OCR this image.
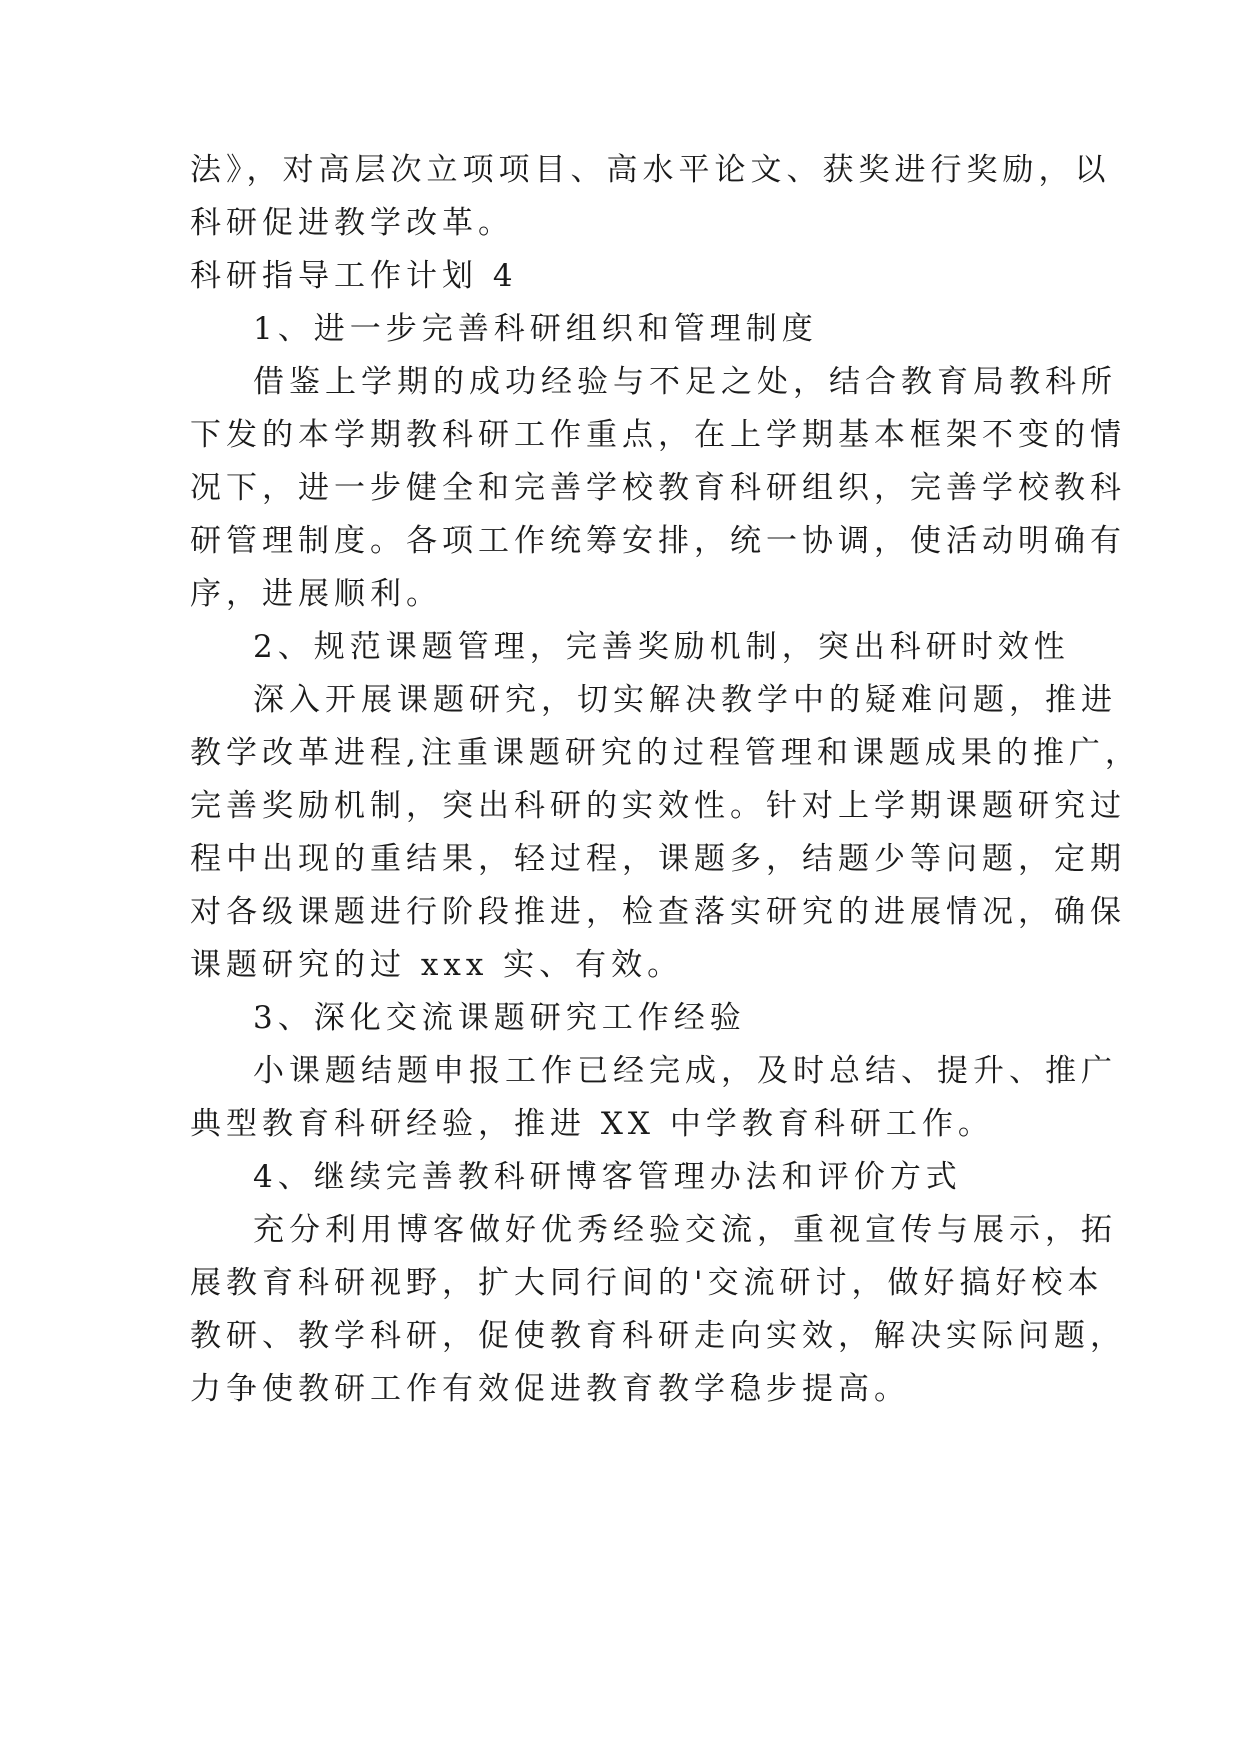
法》，对高层次立项项目、高水平论文、获奖进行奖励，以
科研促进教学改革。
科研指导工作计划 4
1、进一步完善科研组织和管理制度
借鉴上学期的成功经验与不足之处，结合教育局教科所
下发的本学期教科研工作重点，在上学期基本框架不变的情
况下，进一步健全和完善学校教育科研组织，完善学校教科
研管理制度。各项工作统筹安排，统一协调，使活动明确有
序，进展顺利。
2、规范课题管理，完善奖励机制，突出科研时效性
深入开展课题研究，切实解决教学中的疑难问题，推进
教学改革进程,注重课题研究的过程管理和课题成果的推广，
完善奖励机制，突出科研的实效性。针对上学期课题研究过
程中出现的重结果，轻过程，课题多，结题少等问题，定期
对各级课题进行阶段推进，检查落实研究的进展情况，确保
课题研究的过 xxx 实、有效。
3、深化交流课题研究工作经验
小课题结题申报工作已经完成，及时总结、提升、推广
典型教育科研经验，推进 XX 中学教育科研工作。
4、继续完善教科研博客管理办法和评价方式
充分利用博客做好优秀经验交流，重视宣传与展示，拓
展教育科研视野，扩大同行间的'交流研讨，做好搞好校本
教研、教学科研，促使教育科研走向实效，解决实际问题，
力争使教研工作有效促进教育教学稳步提高。
